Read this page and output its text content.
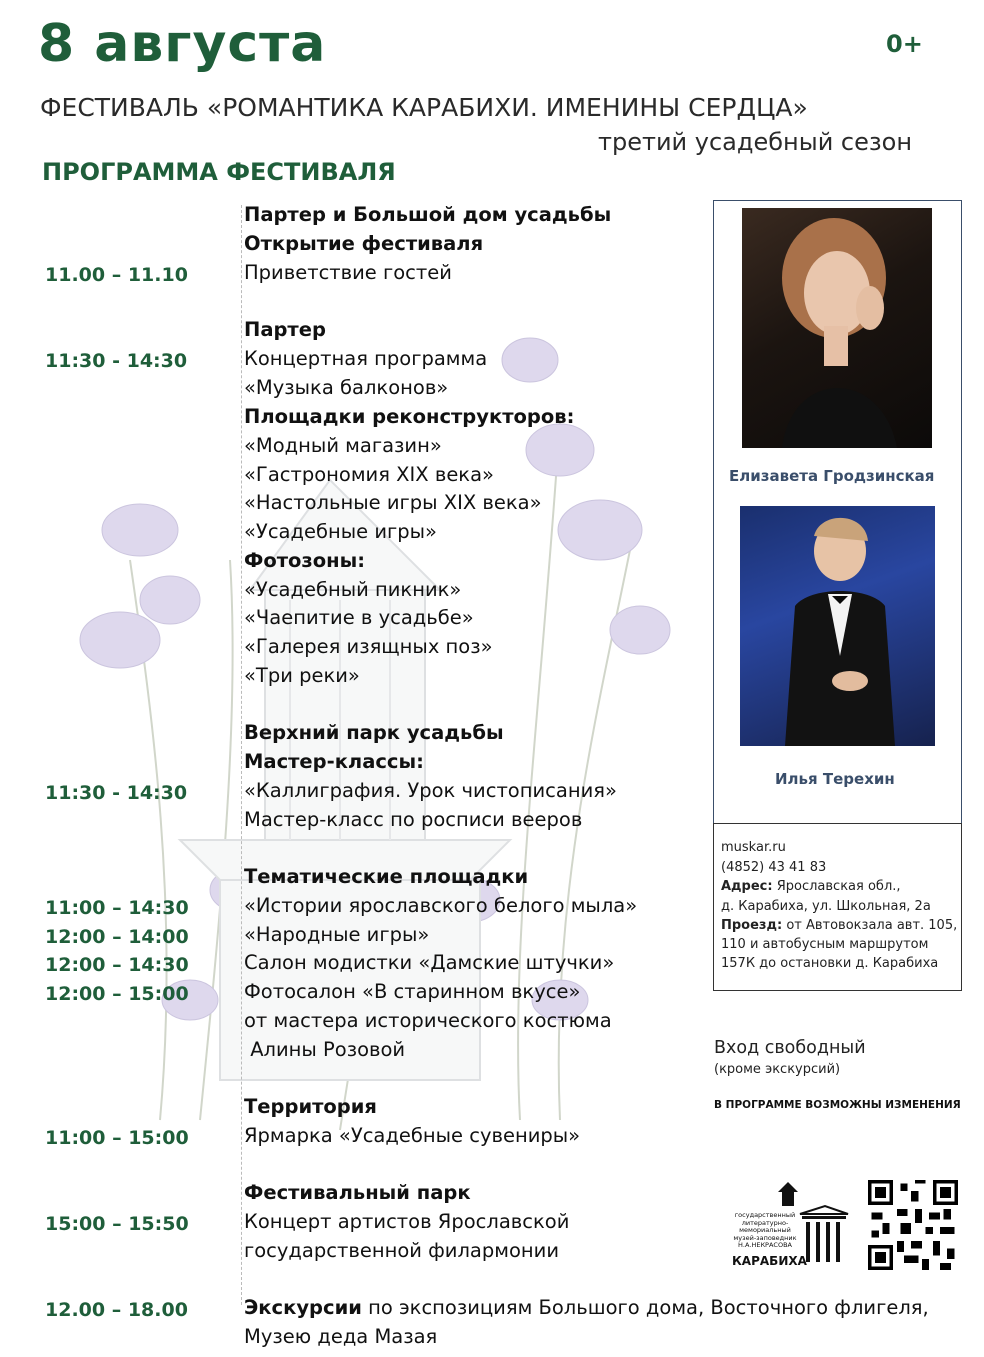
8 августа	0+
ФЕСТИВАЛЬ «РОМАНТИКА КАРАБИХИ. ИМЕНИНЫ СЕРДЦА»
третий усадебный сезон
ПРОГРАММА ФЕСТИВАЛЯ
Партер и Большой дом усадьбы
Открытие фестиваля
11.00 – 11.10	Приветствие гостей
Партер
11:30 - 14:30	Концертная программа
«Музыка балконов»
Площадки реконструкторов:
«Модный магазин»
«Гастрономия XIX века»
«Настольные игры XIX века»
«Усадебные игры»
Фотозоны:
«Усадебный пикник»
«Чаепитие в усадьбе»
«Галерея изящных поз»
«Три реки»
Верхний парк усадьбы
Мастер-классы:
11:30 - 14:30	«Каллиграфия. Урок чистописания»
Мастер-класс по росписи вееров
Тематические площадки
11:00 – 14:30	«Истории ярославского белого мыла»
12:00 – 14:00	«Народные игры»
12:00 – 14:30	Салон модистки «Дамские штучки»
12:00 – 15:00	Фотосалон «В старинном вкусе»
от мастера исторического костюма
Алины Розовой
Территория
11:00 – 15:00	Ярмарка «Усадебные сувениры»
Фестивальный парк
15:00 – 15:50	Концерт артистов Ярославской
государственной филармонии
12.00 – 18.00	Экскурсии по экспозициям Большого дома, Восточного флигеля,
Музею деда Мазая
Елизавета Гродзинская
Илья Терехин
muskar.ru
(4852) 43 41 83
Адрес: Ярославская обл.,
д. Карабиха, ул. Школьная, 2а
Проезд: от Автовокзала авт. 105,
110 и автобусным маршрутом
157К до остановки д. Карабиха
Вход свободный
(кроме экскурсий)
В ПРОГРАММЕ ВОЗМОЖНЫ ИЗМЕНЕНИЯ
государственный
литературно-
мемориальный
музей-заповедник
Н.А.НЕКРАСОВА
КАРАБИХА
